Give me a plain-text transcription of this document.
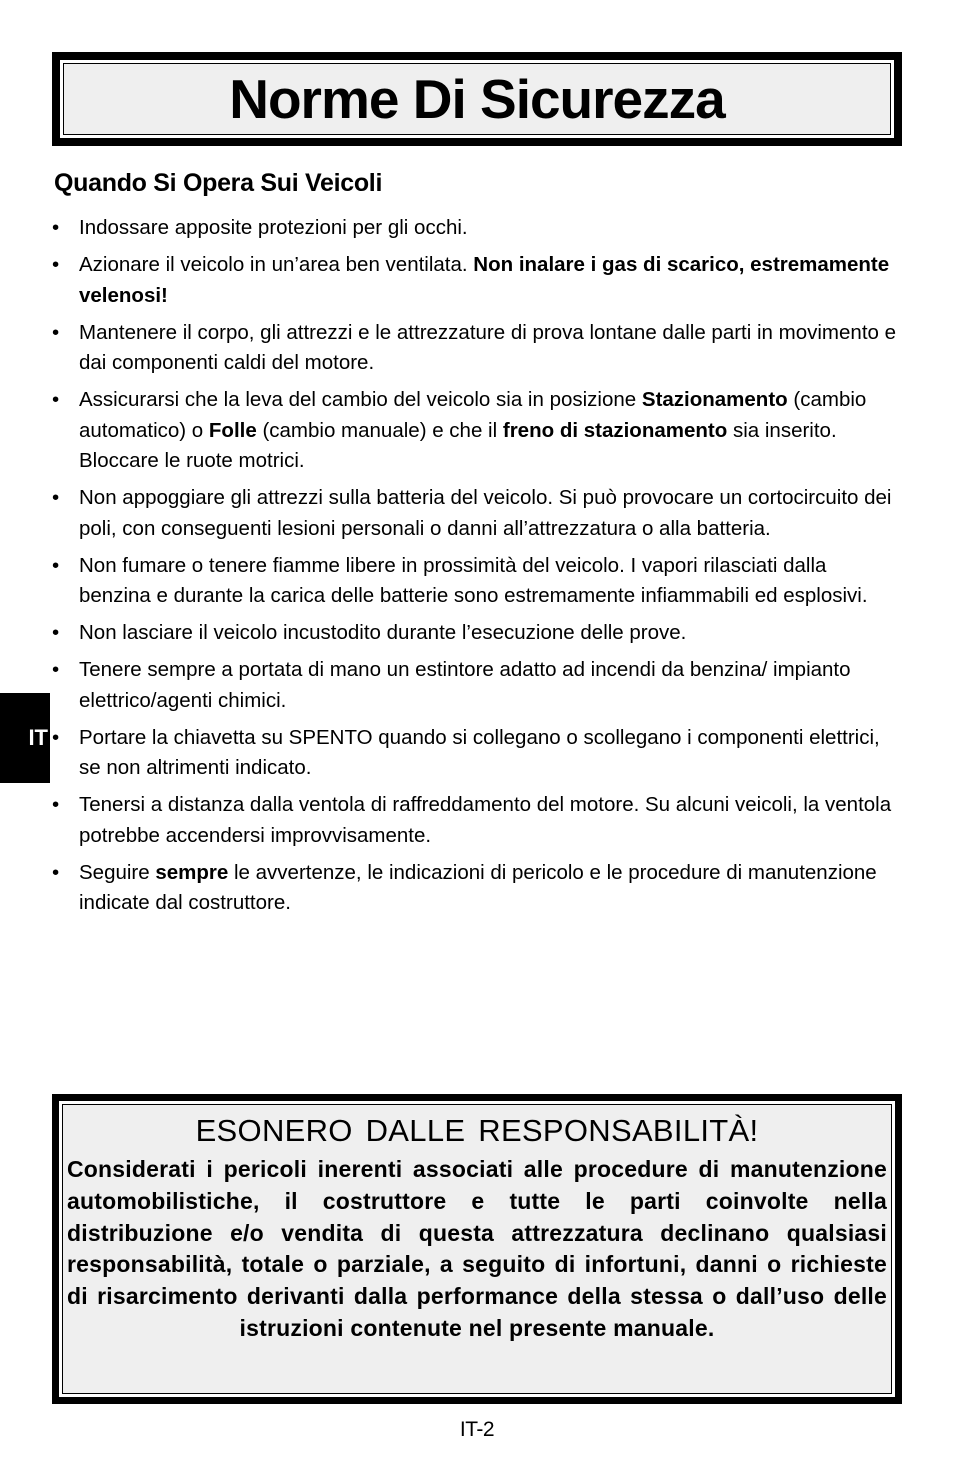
Norme Di Sicurezza
Quando Si Opera Sui Veicoli
• Indossare apposite protezioni per gli occhi.
• Azionare il veicolo in un’area ben ventilata. Non inalare i gas di scarico, estremamente velenosi!
• Mantenere il corpo, gli attrezzi e le attrezzature di prova lontane dalle parti in movimento e dai componenti caldi del motore.
• Assicurarsi che la leva del cambio del veicolo sia in posizione Stazionamento (cambio automatico) o Folle (cambio manuale) e che il freno di stazionamento sia inserito. Bloccare le ruote motrici.
• Non appoggiare gli attrezzi sulla batteria del veicolo. Si può provocare un cortocircuito dei poli, con conseguenti lesioni personali o danni all’attrezzatura o alla batteria.
• Non fumare o tenere fiamme libere in prossimità del veicolo. I vapori rilasciati dalla benzina e durante la carica delle batterie sono estremamente infiammabili ed esplosivi.
• Non lasciare il veicolo incustodito durante l’esecuzione delle prove.
• Tenere sempre a portata di mano un estintore adatto ad incendi da benzina/ impianto elettrico/agenti chimici.
• Portare la chiavetta su SPENTO quando si collegano o scollegano i componenti elettrici, se non altrimenti indicato.
• Tenersi a distanza dalla ventola di raffreddamento del motore. Su alcuni veicoli, la ventola potrebbe accendersi improvvisamente.
• Seguire sempre le avvertenze, le indicazioni di pericolo e le procedure di manutenzione indicate dal costruttore.
IT

ESONERO DALLE RESPONSABILITÀ!

Considerati i pericoli inerenti associati alle procedure di manutenzione automobilistiche, il costruttore e tutte le parti coinvolte nella distribuzione e/o vendita di questa attrezzatura declinano qualsiasi responsabilità, totale o parziale, a seguito di infortuni, danni o richieste di risarcimento derivanti dalla performance della stessa o dall’uso delle istruzioni contenute nel presente manuale.

IT-2
